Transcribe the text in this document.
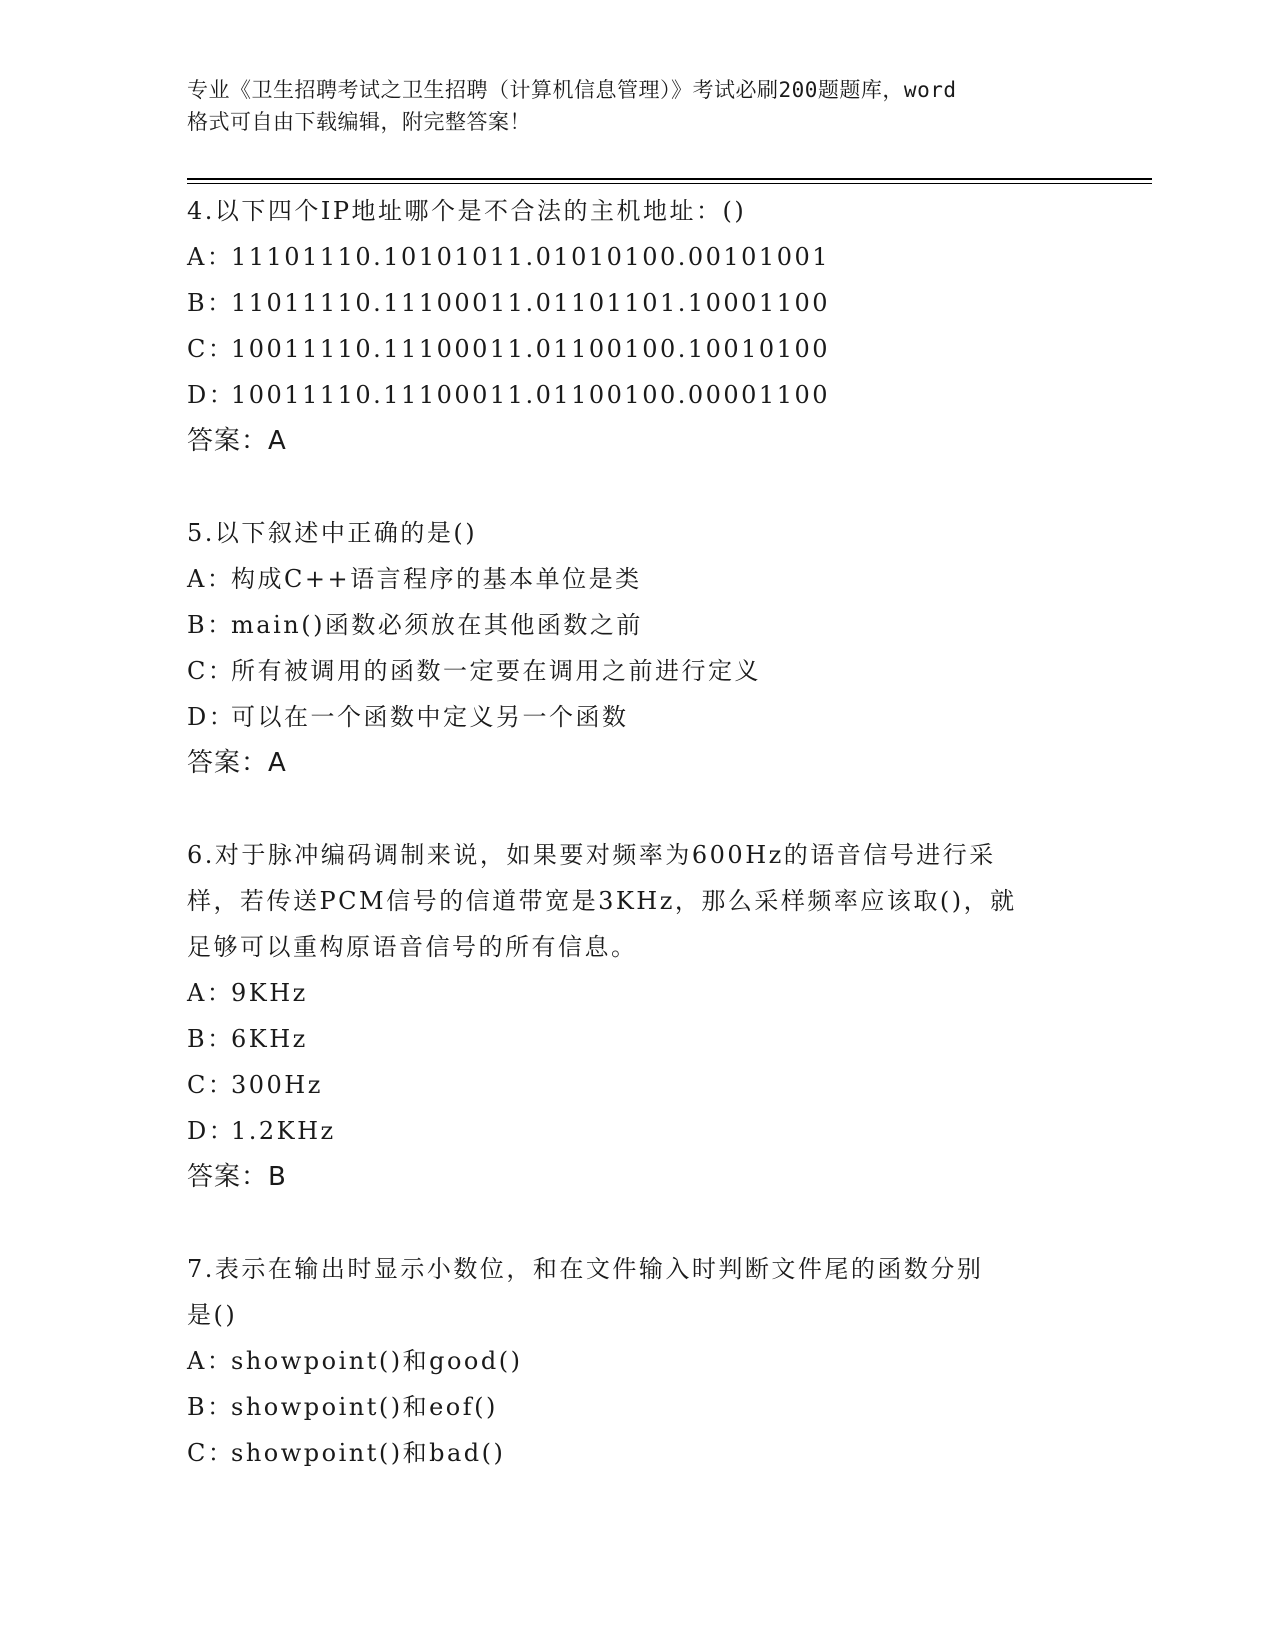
专业《卫生招聘考试之卫生招聘（计算机信息管理）》考试必刷200题题库，word
格式可自由下载编辑，附完整答案！
4.以下四个IP地址哪个是不合法的主机地址：()
A：11101110.10101011.01010100.00101001
B：11011110.11100011.01101101.10001100
C：10011110.11100011.01100100.10010100
D：10011110.11100011.01100100.00001100
答案：A
5.以下叙述中正确的是()
A：构成C++语言程序的基本单位是类
B：main()函数必须放在其他函数之前
C：所有被调用的函数一定要在调用之前进行定义
D：可以在一个函数中定义另一个函数
答案：A
6.对于脉冲编码调制来说，如果要对频率为600Hz的语音信号进行采
样，若传送PCM信号的信道带宽是3KHz，那么采样频率应该取()，就
足够可以重构原语音信号的所有信息。
A：9KHz
B：6KHz
C：300Hz
D：1.2KHz
答案：B
7.表示在输出时显示小数位，和在文件输入时判断文件尾的函数分别
是()
A：showpoint()和good()
B：showpoint()和eof()
C：showpoint()和bad()
